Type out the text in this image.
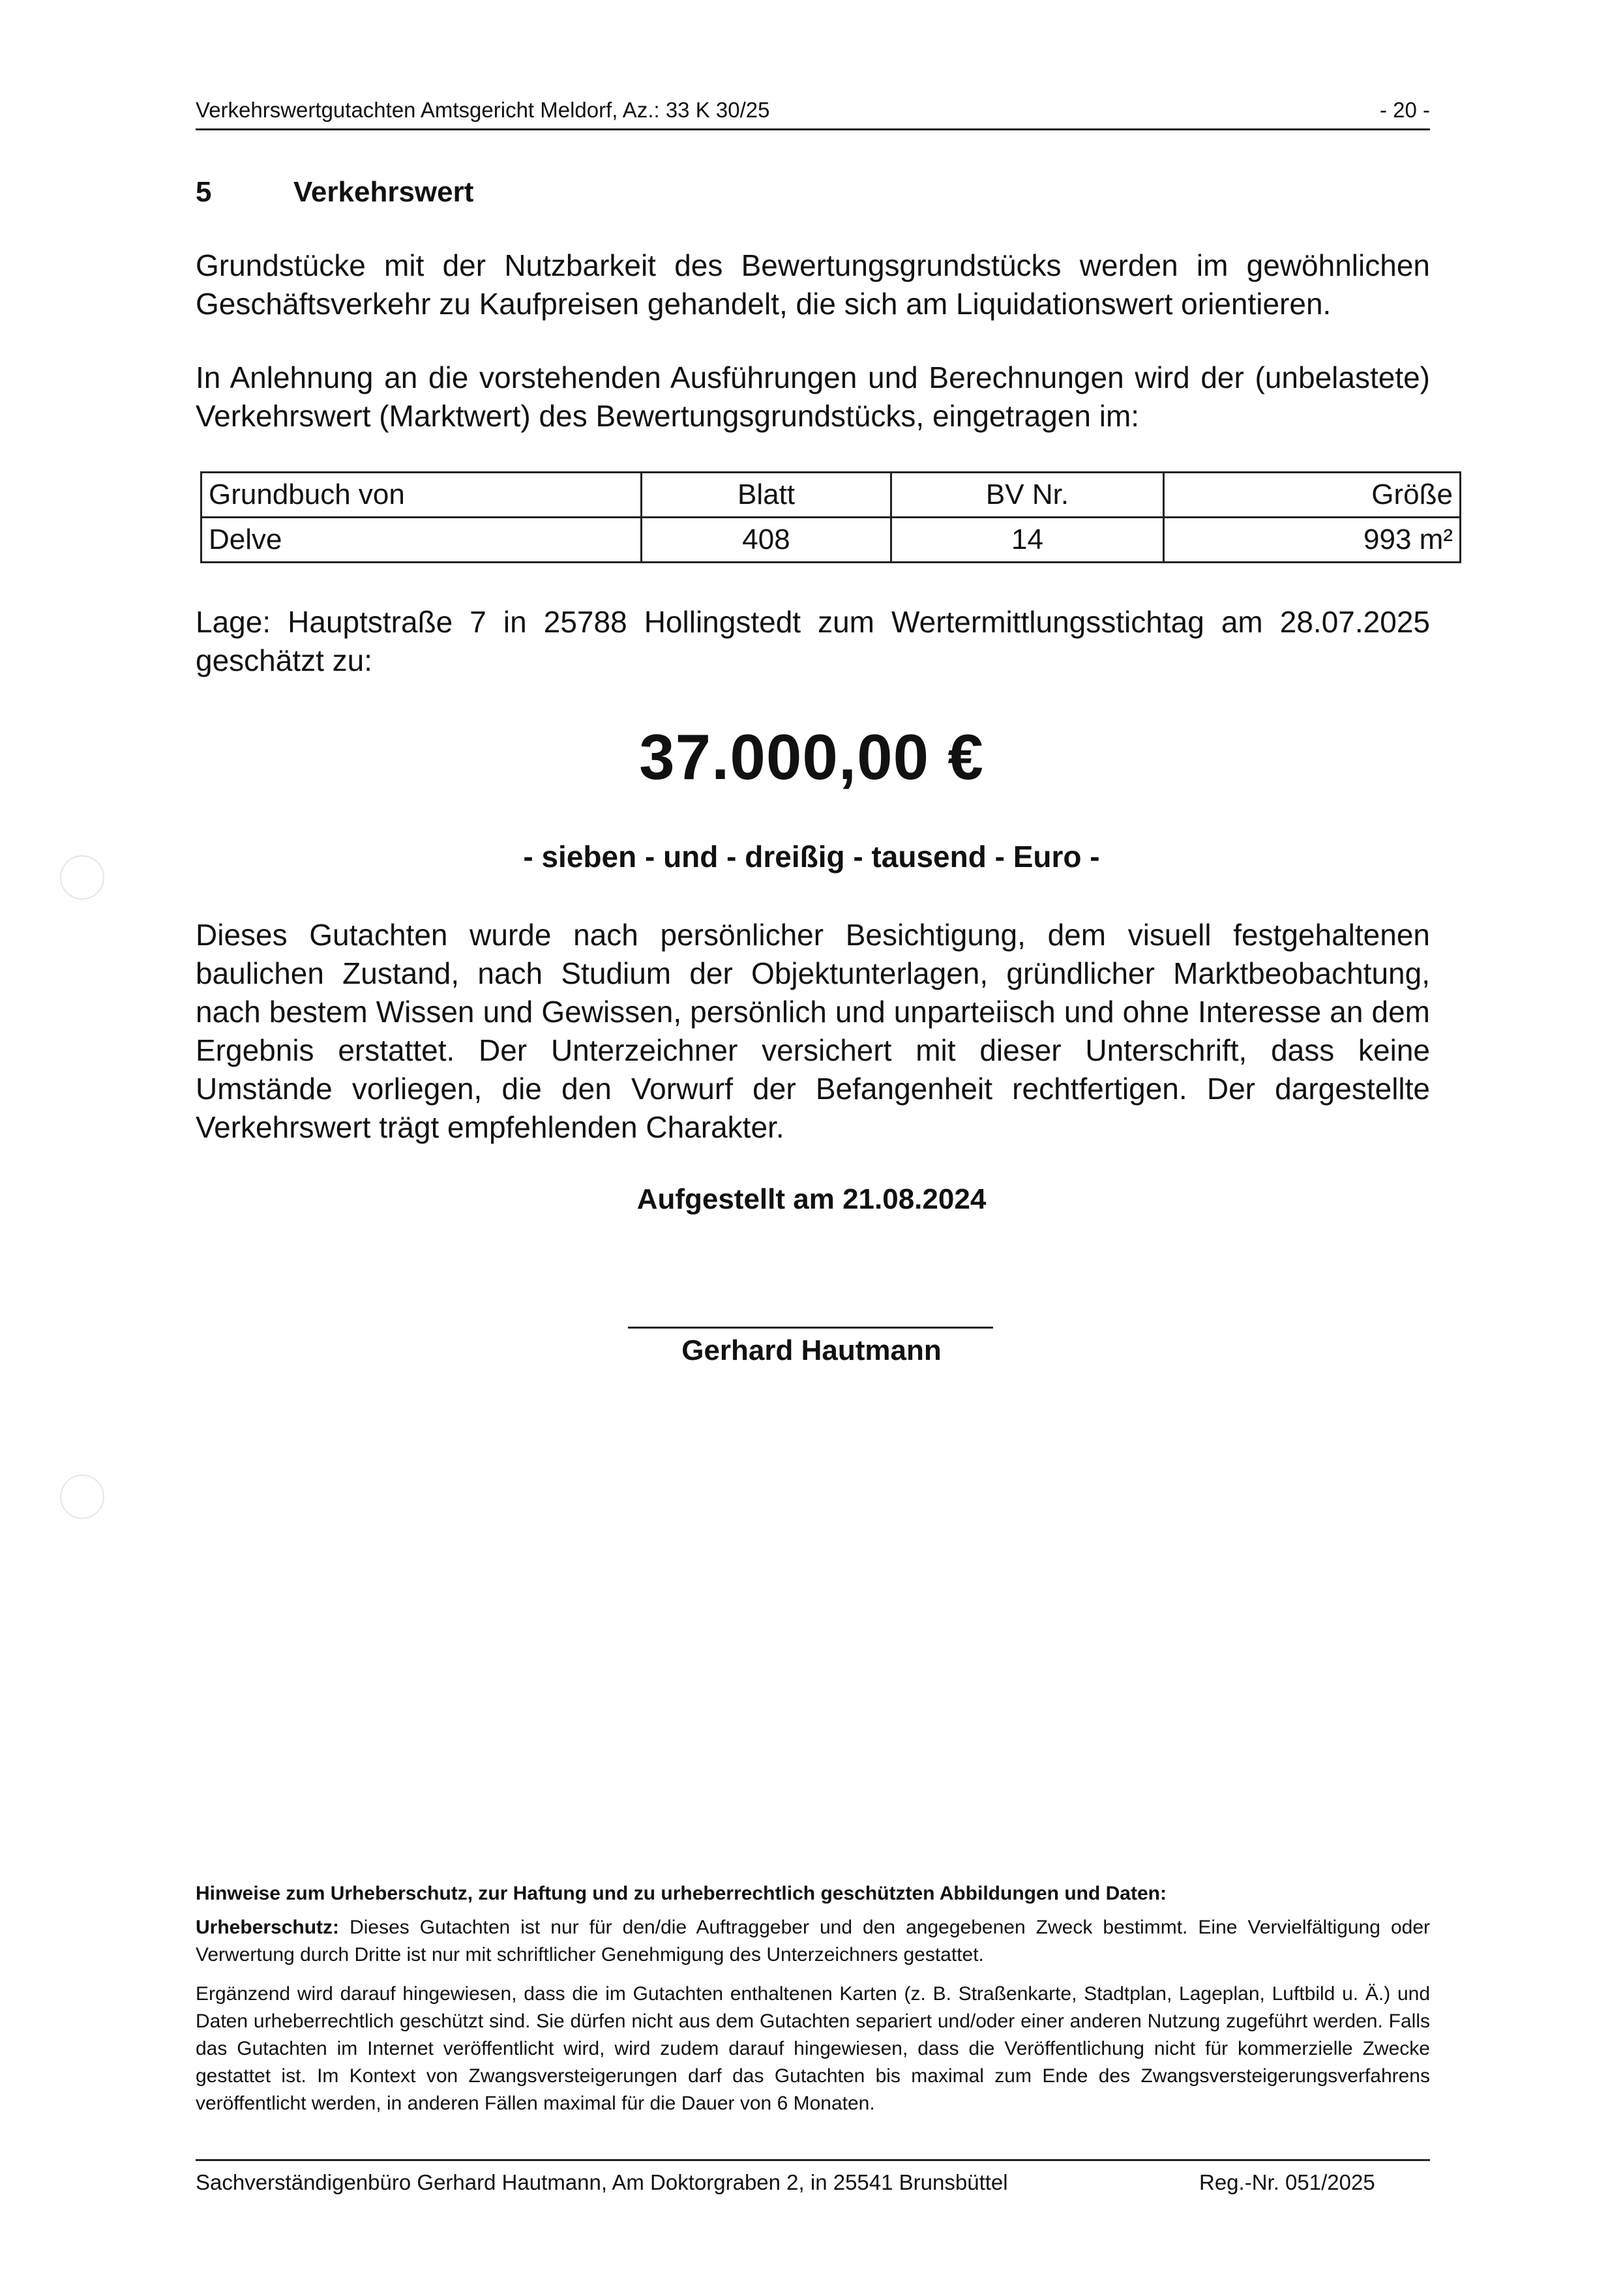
Verkehrswertgutachten Amtsgericht Meldorf, Az.: 33 K 30/25	- 20 -
5	Verkehrswert
Grundstücke mit der Nutzbarkeit des Bewertungsgrundstücks werden im gewöhnlichen Geschäftsverkehr zu Kaufpreisen gehandelt, die sich am Liquidationswert orientieren.
In Anlehnung an die vorstehenden Ausführungen und Berechnungen wird der (unbelastete) Verkehrswert (Marktwert) des Bewertungsgrundstücks, eingetragen im:
Grundbuch von	Blatt	BV Nr.	Größe
Delve	408	14	993 m²
Lage: Hauptstraße 7 in 25788 Hollingstedt zum Wertermittlungsstichtag am 28.07.2025 geschätzt zu:
37.000,00 €
- sieben - und - dreißig - tausend - Euro -
Dieses Gutachten wurde nach persönlicher Besichtigung, dem visuell festgehaltenen baulichen Zustand, nach Studium der Objektunterlagen, gründlicher Marktbeobachtung, nach bestem Wissen und Gewissen, persönlich und unparteiisch und ohne Interesse an dem Ergebnis erstattet. Der Unterzeichner versichert mit dieser Unterschrift, dass keine Umstände vorliegen, die den Vorwurf der Befangenheit rechtfertigen. Der dargestellte Verkehrswert trägt empfehlenden Charakter.
Aufgestellt am 21.08.2024
Gerhard Hautmann
Hinweise zum Urheberschutz, zur Haftung und zu urheberrechtlich geschützten Abbildungen und Daten:

Urheberschutz: Dieses Gutachten ist nur für den/die Auftraggeber und den angegebenen Zweck bestimmt. Eine Vervielfältigung oder Verwertung durch Dritte ist nur mit schriftlicher Genehmigung des Unterzeichners gestattet.

Ergänzend wird darauf hingewiesen, dass die im Gutachten enthaltenen Karten (z. B. Straßenkarte, Stadtplan, Lageplan, Luftbild u. Ä.) und Daten urheberrechtlich geschützt sind. Sie dürfen nicht aus dem Gutachten separiert und/oder einer anderen Nutzung zugeführt werden. Falls das Gutachten im Internet veröffentlicht wird, wird zudem darauf hingewiesen, dass die Veröffentlichung nicht für kommerzielle Zwecke gestattet ist. Im Kontext von Zwangsversteigerungen darf das Gutachten bis maximal zum Ende des Zwangsversteigerungsverfahrens veröffentlicht werden, in anderen Fällen maximal für die Dauer von 6 Monaten.

Sachverständigenbüro Gerhard Hautmann, Am Doktorgraben 2, in 25541 Brunsbüttel	Reg.-Nr. 051/2025
